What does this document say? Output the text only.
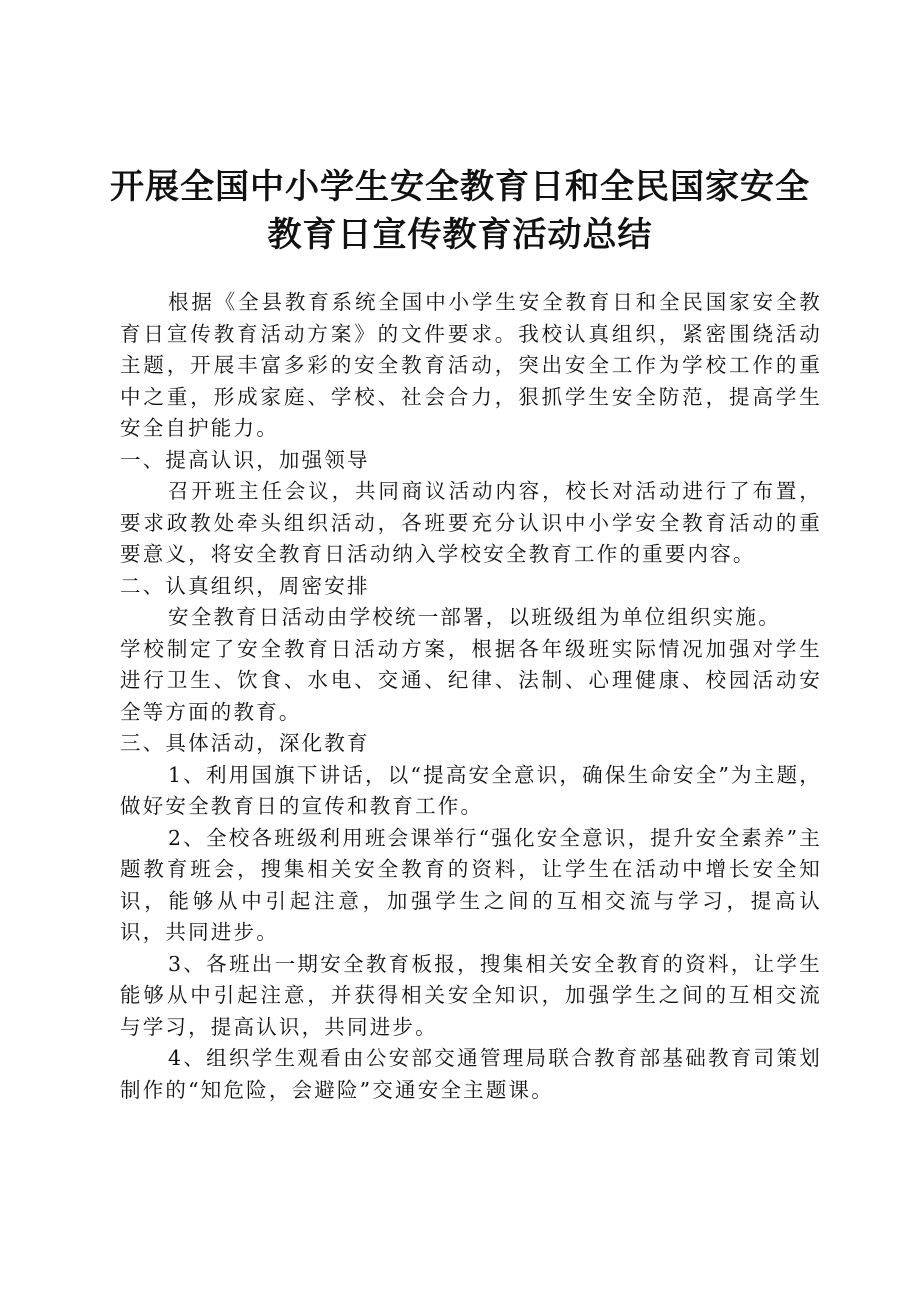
开展全国中小学生安全教育日和全民国家安全
教育日宣传教育活动总结

根据《全县教育系统全国中小学生安全教育日和全民国家安全教育日宣传教育活动方案》的文件要求。我校认真组织，紧密围绕活动主题，开展丰富多彩的安全教育活动，突出安全工作为学校工作的重中之重，形成家庭、学校、社会合力，狠抓学生安全防范，提高学生安全自护能力。

一、提高认识，加强领导

召开班主任会议，共同商议活动内容，校长对活动进行了布置，要求政教处牵头组织活动，各班要充分认识中小学安全教育活动的重要意义，将安全教育日活动纳入学校安全教育工作的重要内容。

二、认真组织，周密安排

安全教育日活动由学校统一部署，以班级组为单位组织实施。

学校制定了安全教育日活动方案，根据各年级班实际情况加强对学生进行卫生、饮食、水电、交通、纪律、法制、心理健康、校园活动安全等方面的教育。

三、具体活动，深化教育

1、利用国旗下讲话，以“提高安全意识，确保生命安全”为主题，做好安全教育日的宣传和教育工作。

2、全校各班级利用班会课举行“强化安全意识，提升安全素养”主题教育班会，搜集相关安全教育的资料，让学生在活动中增长安全知识，能够从中引起注意，加强学生之间的互相交流与学习，提高认识，共同进步。

3、各班出一期安全教育板报，搜集相关安全教育的资料，让学生能够从中引起注意，并获得相关安全知识，加强学生之间的互相交流与学习，提高认识，共同进步。

4、组织学生观看由公安部交通管理局联合教育部基础教育司策划制作的“知危险，会避险”交通安全主题课。
